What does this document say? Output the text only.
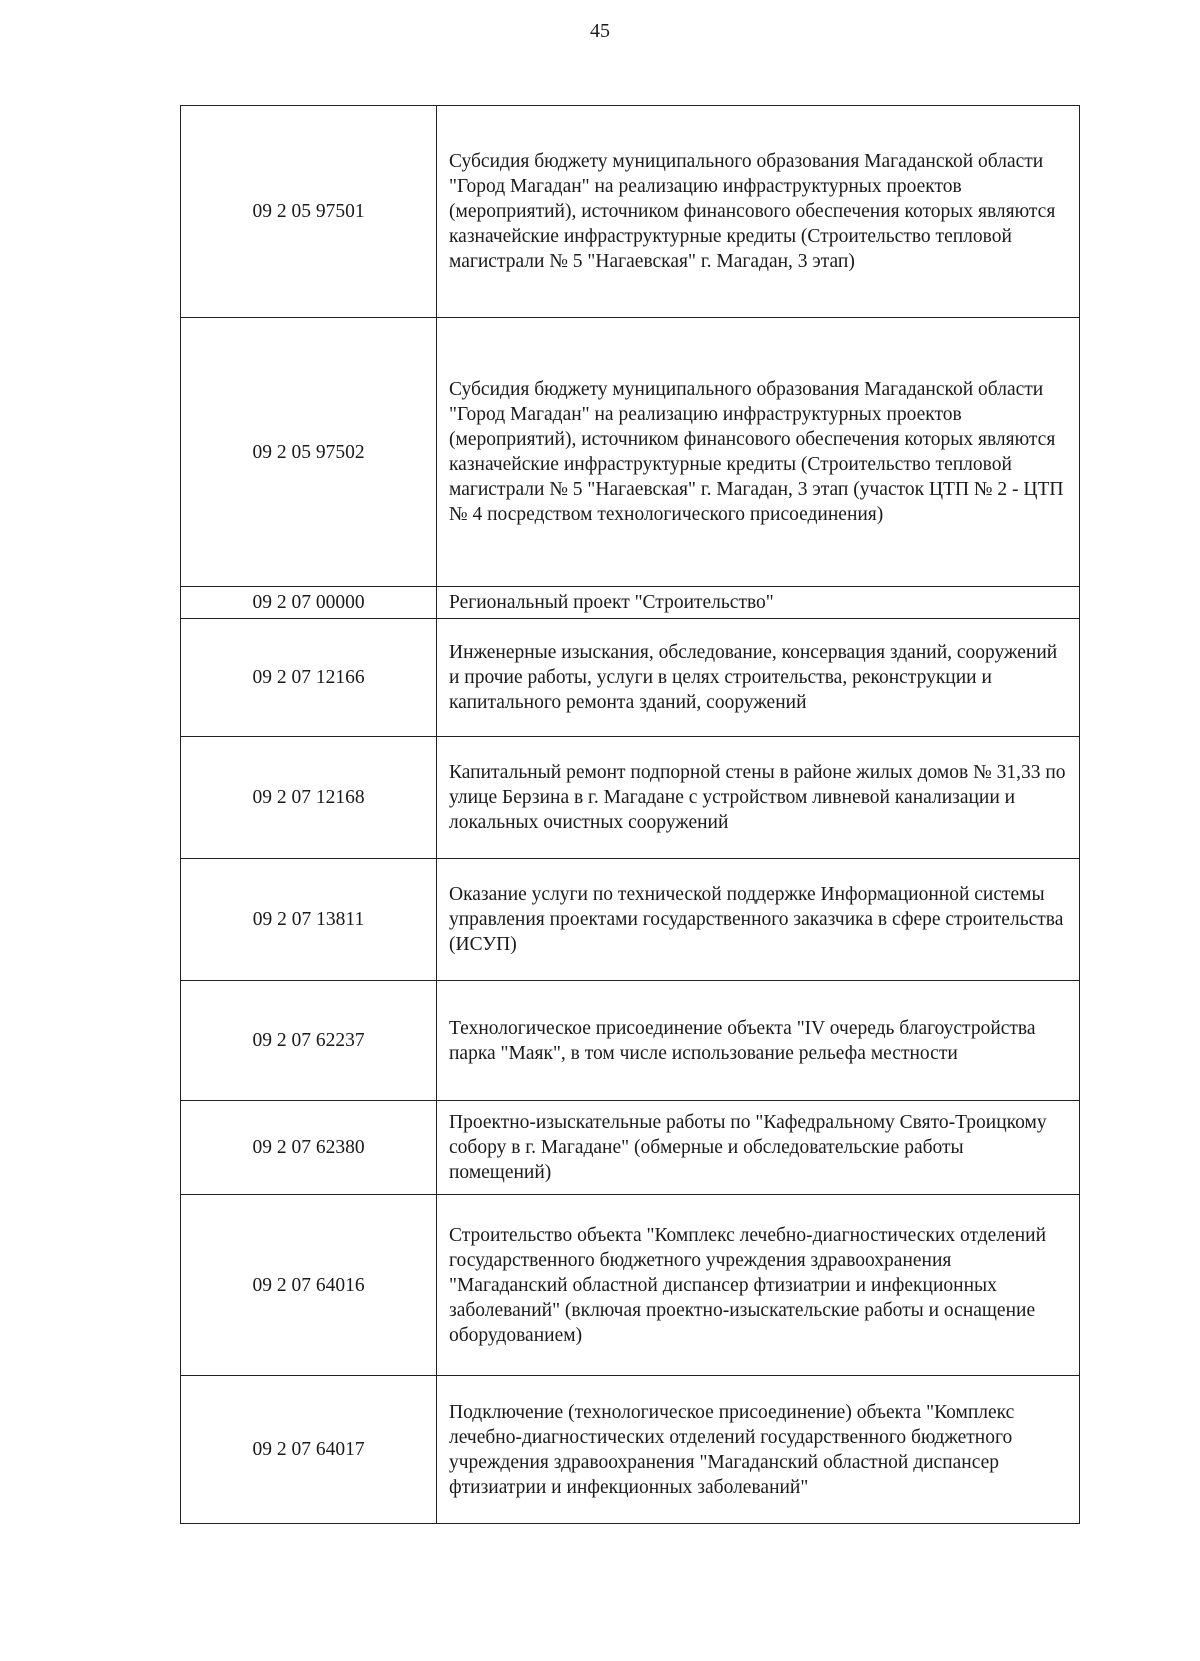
45
09 2 05 97501	Субсидия бюджету муниципального образования Магаданской области "Город Магадан" на реализацию инфраструктурных проектов (мероприятий), источником финансового обеспечения которых являются казначейские инфраструктурные кредиты (Строительство тепловой магистрали № 5 "Нагаевская" г. Магадан, 3 этап)
09 2 05 97502	Субсидия бюджету муниципального образования Магаданской области "Город Магадан" на реализацию инфраструктурных проектов (мероприятий), источником финансового обеспечения которых являются казначейские инфраструктурные кредиты (Строительство тепловой магистрали № 5 "Нагаевская" г. Магадан, 3 этап (участок ЦТП № 2 - ЦТП № 4 посредством технологического присоединения)
09 2 07 00000	Региональный проект "Строительство"
09 2 07 12166	Инженерные изыскания, обследование, консервация зданий, сооружений и прочие работы, услуги в целях строительства, реконструкции и капитального ремонта зданий, сооружений
09 2 07 12168	Капитальный ремонт подпорной стены в районе жилых домов № 31,33 по улице Берзина в г. Магадане с устройством ливневой канализации и локальных очистных сооружений
09 2 07 13811	Оказание услуги по технической поддержке Информационной системы управления проектами государственного заказчика в сфере строительства (ИСУП)
09 2 07 62237	Технологическое присоединение объекта "IV очередь благоустройства парка "Маяк", в том числе использование рельефа местности
09 2 07 62380	Проектно-изыскательные работы по "Кафедральному Свято-Троицкому собору в г. Магадане" (обмерные и обследовательские работы помещений)
09 2 07 64016	Строительство объекта "Комплекс лечебно-диагностических отделений государственного бюджетного учреждения здравоохранения "Магаданский областной диспансер фтизиатрии и инфекционных заболеваний" (включая проектно-изыскательские работы и оснащение оборудованием)
09 2 07 64017	Подключение (технологическое присоединение) объекта "Комплекс лечебно-диагностических отделений государственного бюджетного учреждения здравоохранения "Магаданский областной диспансер фтизиатрии и инфекционных заболеваний"
